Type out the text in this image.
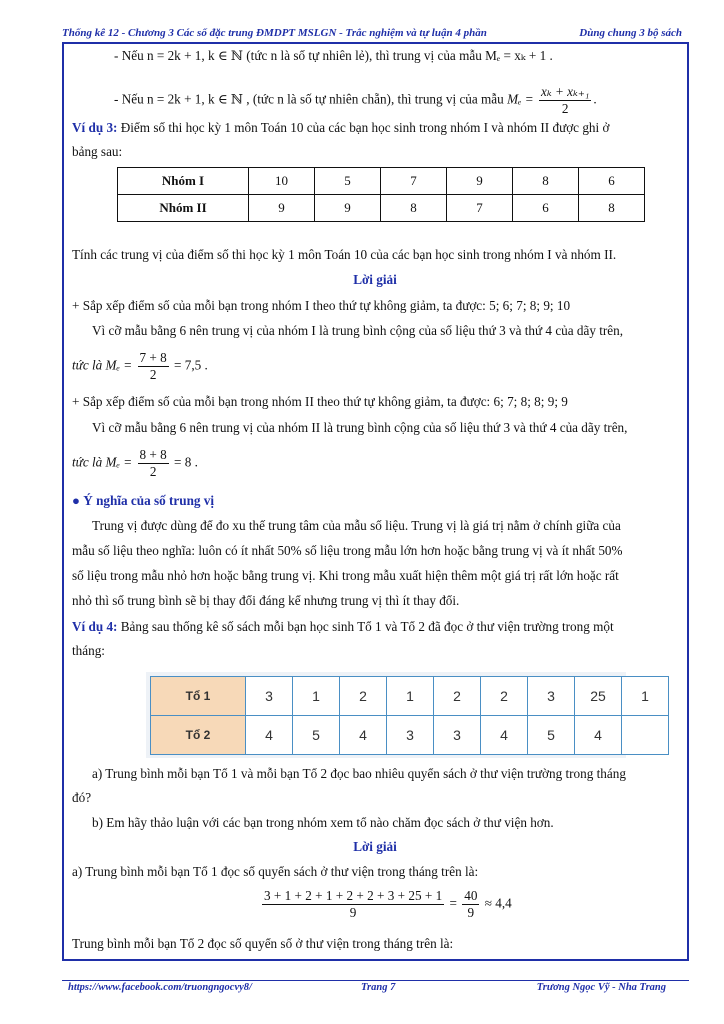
Thống kê 12 - Chương 3 Các số đặc trung ĐMDPT MSLGN - Trắc nghiệm và tự luận 4 phần	Dùng chung 3 bộ sách
- Nếu n = 2k + 1, k ∈ ℕ (tức n là số tự nhiên lẻ), thì trung vị của mẫu Mₑ = xₖ + 1 .
- Nếu n = 2k + 1, k ∈ ℕ , (tức n là số tự nhiên chẵn), thì trung vị của mẫu $M_e = \frac{\text{xₖ + xₖ₊₁}}{2}$ .
Ví dụ 3: Điểm số thi học kỳ 1 môn Toán 10 của các bạn học sinh trong nhóm I và nhóm II được ghi ở
bảng sau:
Nhóm I	10	5	7	9	8	6
Nhóm II	9	9	8	7	6	8
Tính các trung vị của điểm số thi học kỳ 1 môn Toán 10 của các bạn học sinh trong nhóm I và nhóm II.
Lời giải
+ Sắp xếp điểm số của mỗi bạn trong nhóm I theo thứ tự không giảm, ta được: 5; 6; 7; 8; 9; 10
Vì cỡ mẫu bằng 6 nên trung vị của nhóm I là trung bình cộng của số liệu thứ 3 và thứ 4 của dãy trên,
tức là $M_e = \frac{7 + 8}{2} = 7,5$ .
+ Sắp xếp điểm số của mỗi bạn trong nhóm II theo thứ tự không giảm, ta được: 6; 7; 8; 8; 9; 9
Vì cỡ mẫu bằng 6 nên trung vị của nhóm II là trung bình cộng của số liệu thứ 3 và thứ 4 của dãy trên,
tức là $M_e = \frac{8 + 8}{2} = 8$ .
● Ý nghĩa của số trung vị
Trung vị được dùng để đo xu thế trung tâm của mẫu số liệu. Trung vị là giá trị nằm ở chính giữa của
mẫu số liệu theo nghĩa: luôn có ít nhất 50% số liệu trong mẫu lớn hơn hoặc bằng trung vị và ít nhất 50%
số liệu trong mẫu nhỏ hơn hoặc bằng trung vị. Khi trong mẫu xuất hiện thêm một giá trị rất lớn hoặc rất
nhỏ thì số trung bình sẽ bị thay đổi đáng kể nhưng trung vị thì ít thay đổi.
Ví dụ 4: Bảng sau thống kê số sách mỗi bạn học sinh Tổ 1 và Tổ 2 đã đọc ở thư viện trường trong một
tháng:
Tổ 1	3	1	2	1	2	2	3	25	1
Tổ 2	4	5	4	3	3	4	5	4	
a) Trung bình mỗi bạn Tổ 1 và mỗi bạn Tổ 2 đọc bao nhiêu quyển sách ở thư viện trường trong tháng
đó?
b) Em hãy thảo luận với các bạn trong nhóm xem tổ nào chăm đọc sách ở thư viện hơn.
Lời giải
a) Trung bình mỗi bạn Tổ 1 đọc số quyển sách ở thư viện trong tháng trên là:
$\frac{3 + 1 + 2 + 1 + 2 + 2 + 3 + 25 + 1}{9} = \frac{40}{9} \approx 4,4$
Trung bình mỗi bạn Tổ 2 đọc số quyển số ở thư viện trong tháng trên là:
https://www.facebook.com/truongngocvy8/	Trang 7	Trương Ngọc Vỹ - Nha Trang
